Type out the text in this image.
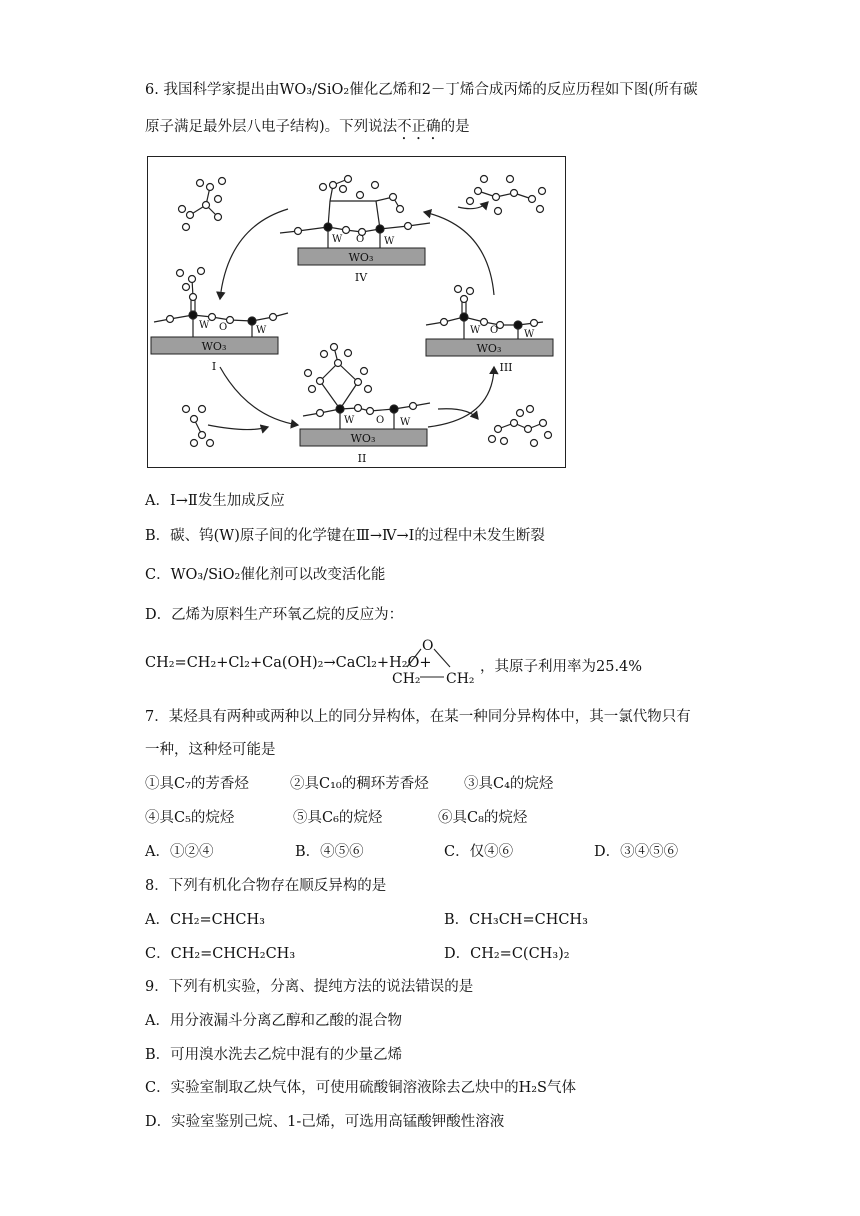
6. 我国科学家提出由WO₃/SiO₂催化乙烯和2－丁烯合成丙烯的反应历程如下图(所有碳
原子满足最外层八电子结构)。下列说法不正确的是
WO₃
WO₃	WO₃
WO₃
IV
I	III
II
W O W
W O	W	W O	W
W O W
A．Ⅰ→Ⅱ发生加成反应
B．碳、钨(W)原子间的化学键在Ⅲ→Ⅳ→Ⅰ的过程中未发生断裂
C．WO₃/SiO₂催化剂可以改变活化能
D．乙烯为原料生产环氧乙烷的反应为：
CH₂=CH₂+Cl₂+Ca(OH)₂→CaCl₂+H₂O+
O
CH₂ CH₂
，其原子利用率为25.4%
7．某烃具有两种或两种以上的同分异构体，在某一种同分异构体中，其一氯代物只有
一种，这种烃可能是
①具C₇的芳香烃	②具C₁₀的稠环芳香烃 ③具C₄的烷烃
④具C₅的烷烃	⑤具C₆的烷烃	⑥具C₈的烷烃
A．①②④	B．④⑤⑥	C．仅④⑥	D．③④⑤⑥
8．下列有机化合物存在顺反异构的是
A．CH₂=CHCH₃	B．CH₃CH=CHCH₃
C．CH₂=CHCH₂CH₃	D．CH₂=C(CH₃)₂
9．下列有机实验，分离、提纯方法的说法错误的是
A．用分液漏斗分离乙醇和乙酸的混合物
B．可用溴水洗去乙烷中混有的少量乙烯
C．实验室制取乙炔气体，可使用硫酸铜溶液除去乙炔中的H₂S气体
D．实验室鉴别己烷、1-己烯，可选用高锰酸钾酸性溶液
